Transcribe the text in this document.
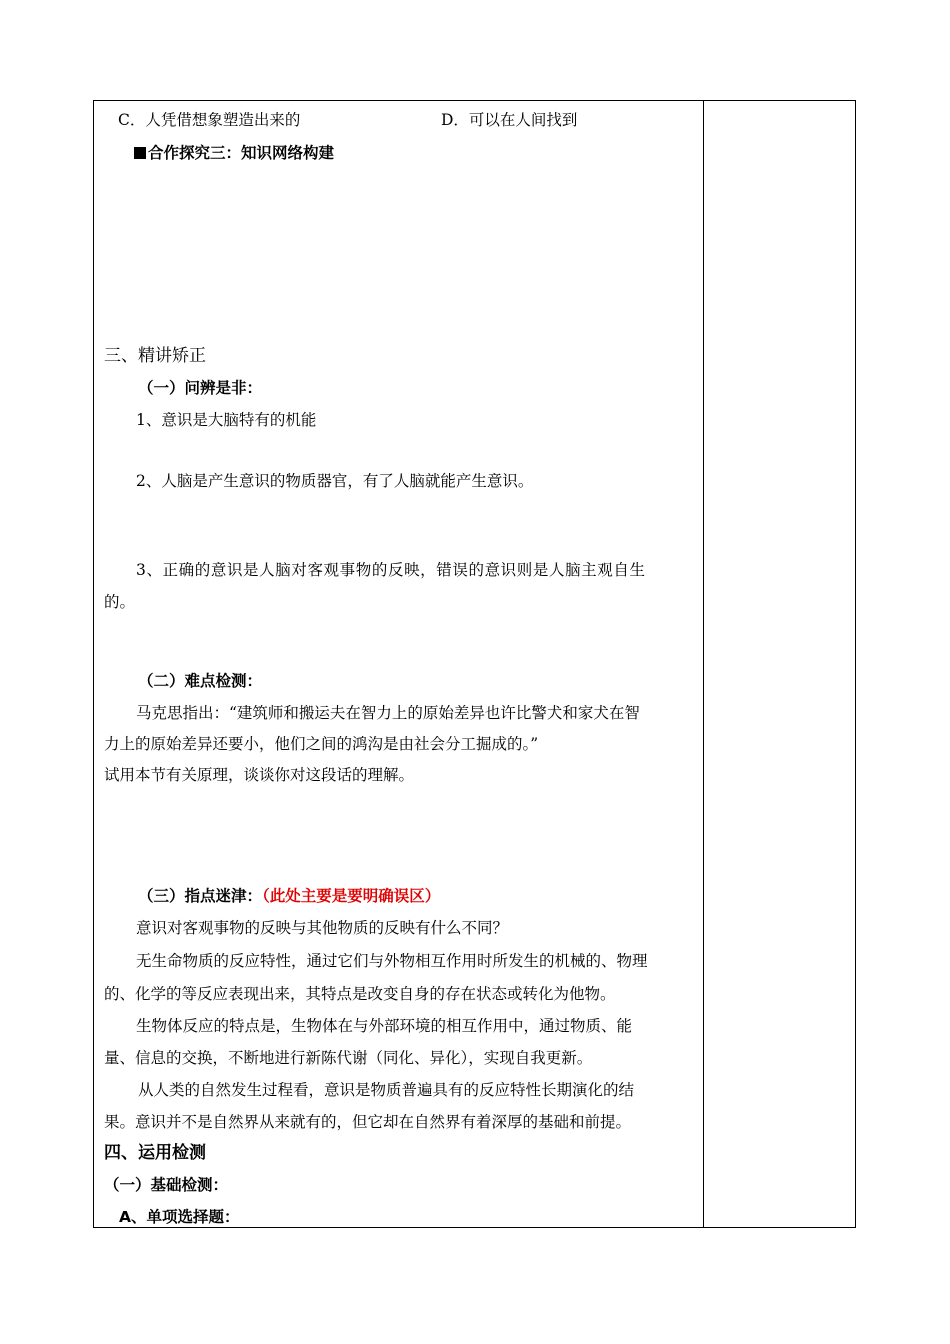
C．人凭借想象塑造出来的	D．可以在人间找到
合作探究三：知识网络构建
三、精讲矫正
（一）问辨是非：
1、意识是大脑特有的机能
2、人脑是产生意识的物质器官，有了人脑就能产生意识。
3、正确的意识是人脑对客观事物的反映，错误的意识则是人脑主观自生
的。
（二）难点检测：
马克思指出：“建筑师和搬运夫在智力上的原始差异也许比警犬和家犬在智
力上的原始差异还要小，他们之间的鸿沟是由社会分工掘成的。”
试用本节有关原理，谈谈你对这段话的理解。
（三）指点迷津：（此处主要是要明确误区）
意识对客观事物的反映与其他物质的反映有什么不同？
无生命物质的反应特性，通过它们与外物相互作用时所发生的机械的、物理
的、化学的等反应表现出来，其特点是改变自身的存在状态或转化为他物。
生物体反应的特点是，生物体在与外部环境的相互作用中，通过物质、能
量、信息的交换，不断地进行新陈代谢（同化、异化），实现自我更新。
从人类的自然发生过程看，意识是物质普遍具有的反应特性长期演化的结
果。意识并不是自然界从来就有的，但它却在自然界有着深厚的基础和前提。
四、运用检测
（一）基础检测：
A、单项选择题：
